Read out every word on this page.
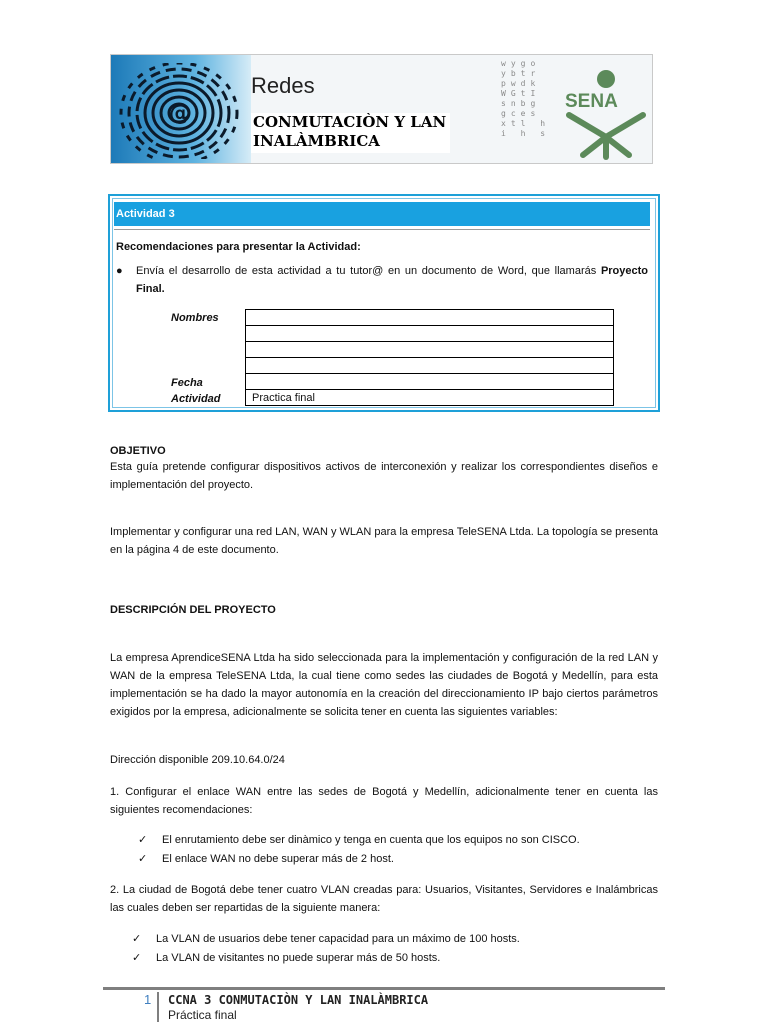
@
Redes
CONMUTACIÒN Y LAN
INALÀMBRICA
wygo ybtr pwdk WGtI snbg gces xtl h i h s
SENA
Actividad 3
Recomendaciones para presentar la Actividad:
● Envía el desarrollo de esta actividad a tu tutor@ en un documento de Word, que llamarás Proyecto Final.
Nombres
Fecha
Actividad	Practica final
OBJETIVO
Esta guía pretende configurar dispositivos activos de interconexión y realizar los correspondientes diseños e implementación del proyecto.
Implementar y configurar una red LAN, WAN y WLAN para la empresa TeleSENA Ltda. La topología se presenta en la página 4 de este documento.
DESCRIPCIÓN DEL PROYECTO
La empresa AprendiceSENA Ltda ha sido seleccionada para la implementación y configuración de la red LAN y WAN de la empresa TeleSENA Ltda, la cual tiene como sedes las ciudades de Bogotá y Medellín, para esta implementación se ha dado la mayor autonomía en la creación del direccionamiento IP bajo ciertos parámetros exigidos por la empresa, adicionalmente se solicita tener en cuenta las siguientes variables:
Dirección disponible 209.10.64.0/24
1. Configurar el enlace WAN entre las sedes de Bogotá y Medellín, adicionalmente tener en cuenta las siguientes recomendaciones:
✓ El enrutamiento debe ser dinàmico y tenga en cuenta que los equipos no son CISCO.
✓ El enlace WAN no debe superar más de 2 host.
2. La ciudad de Bogotá debe tener cuatro VLAN creadas para: Usuarios, Visitantes, Servidores e Inalámbricas las cuales deben ser repartidas de la siguiente manera:
✓ La VLAN de usuarios debe tener capacidad para un máximo de 100 hosts.
✓ La VLAN de visitantes no puede superar más de 50 hosts.
1 CCNA 3 CONMUTACIÒN Y LAN INALÀMBRICA
Práctica final
